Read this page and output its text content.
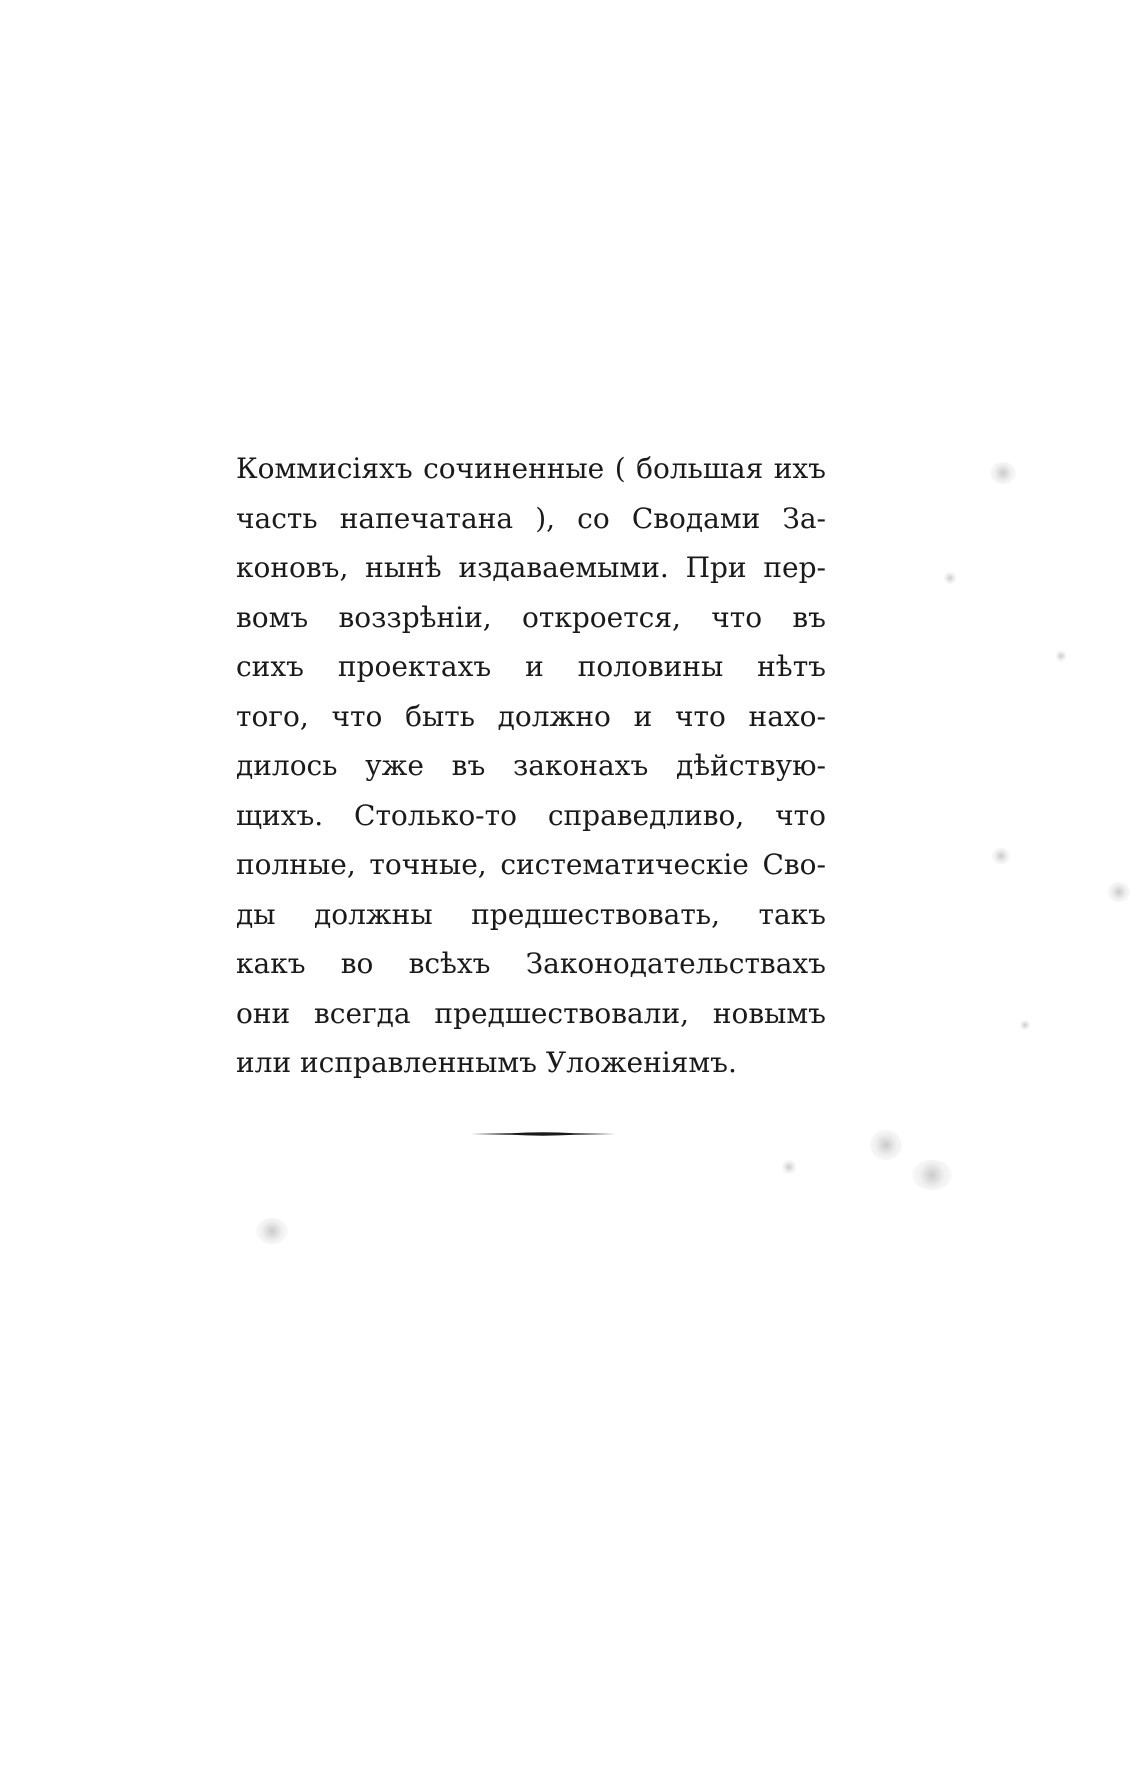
Коммисiяхъ сочиненные ( большая ихъ
часть напечатана ), со Сводами За-
коновъ, нынѣ издаваемыми. При пер-
вомъ воззрѣнiи, откроется, что въ
сихъ проектахъ и половины нѣтъ
того, что быть должно и что нахо-
дилось уже въ законахъ дѣйствую-
щихъ. Столько-то справедливо, что
полные, точные, систематическiе Сво-
ды должны предшествовать, такъ
какъ во всѣхъ Законодательствахъ
они всегда предшествовали, новымъ
или исправленнымъ Уложенiямъ.
